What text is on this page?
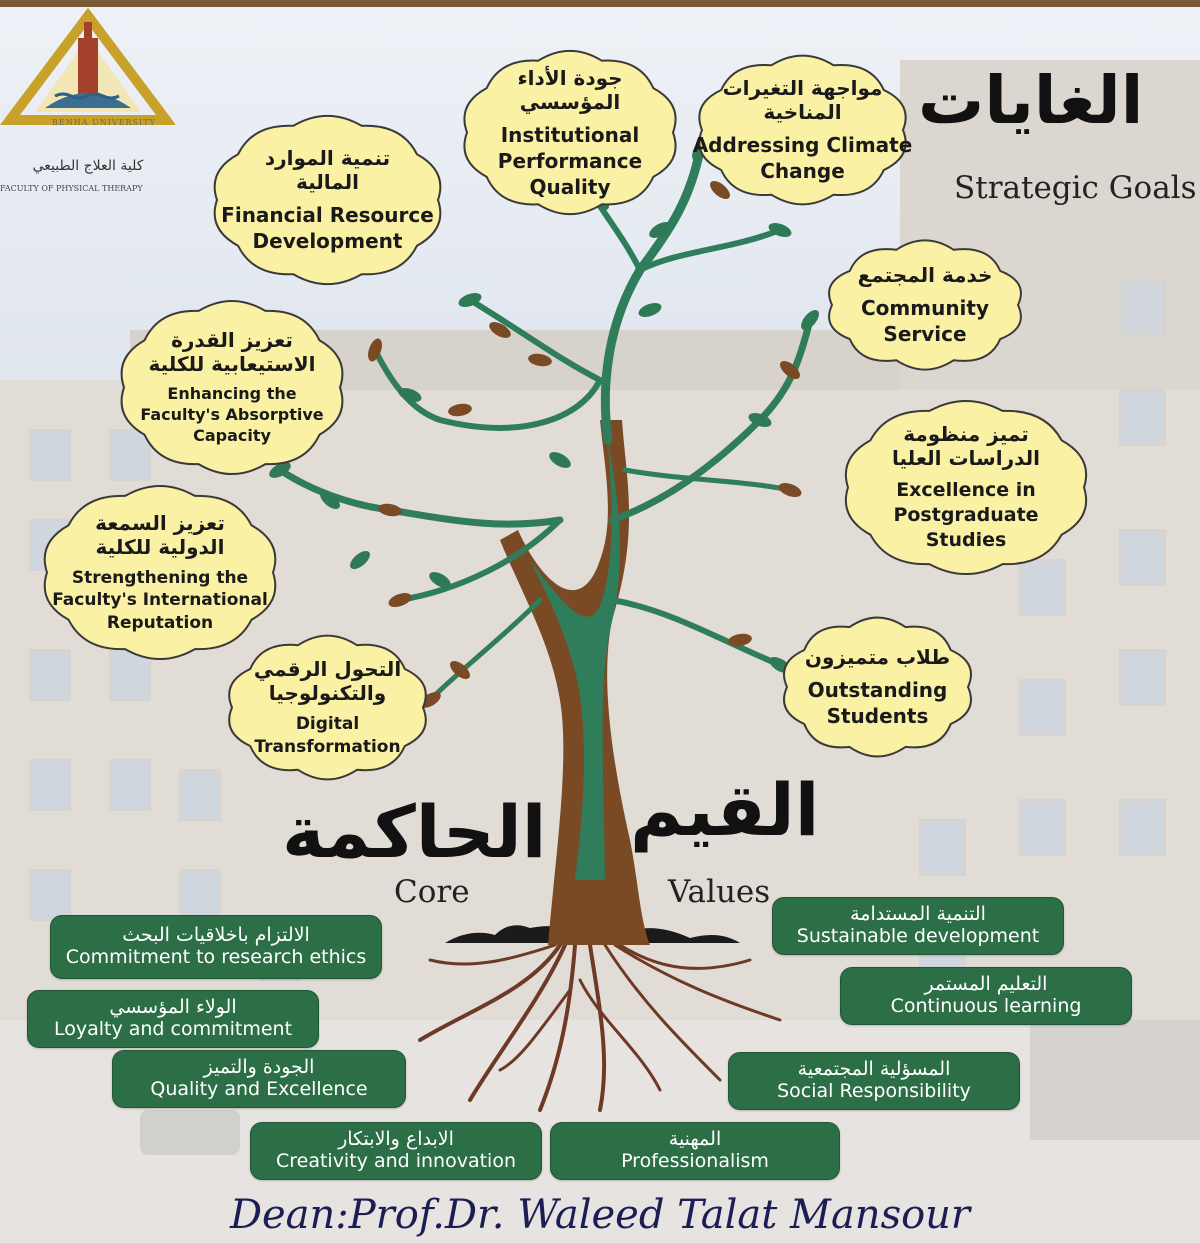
BENHA UNIVERSITY
كلية العلاج الطبيعي
FACULTY OF PHYSICAL THERAPY
الغايات
Strategic Goals
تنمية الموارد
المالية
Financial Resource
Development
جودة الأداء
المؤسسي
Institutional
Performance
Quality
مواجهة التغيرات
المناخية
Addressing Climate
Change
خدمة المجتمع
Community
Service
تعزيز القدرة
الاستيعابية للكلية
Enhancing the
Faculty's Absorptive
Capacity	تميز منظومة
الدراسات العليا
Excellence in
Postgraduate
Studies
تعزيز السمعة
الدولية للكلية
Strengthening the
Faculty's International
Reputation
طلاب متميزون
Outstanding
Students
التحول الرقمي
والتكنولوجيا
Digital
Transformation
القيم
الحاكمة
Core	Values
الالتزام باخلاقيات البحث
Commitment to research ethics
الولاء المؤسسي
Loyalty and commitment
الجودة والتميز
Quality and Excellence
الابداع والابتكار
Creativity and innovation
التنمية المستدامة
Sustainable development
التعليم المستمر
Continuous learning
المسؤلية المجتمعية
Social Responsibility
المهنية
Professionalism
Dean:Prof.Dr. Waleed Talat Mansour
